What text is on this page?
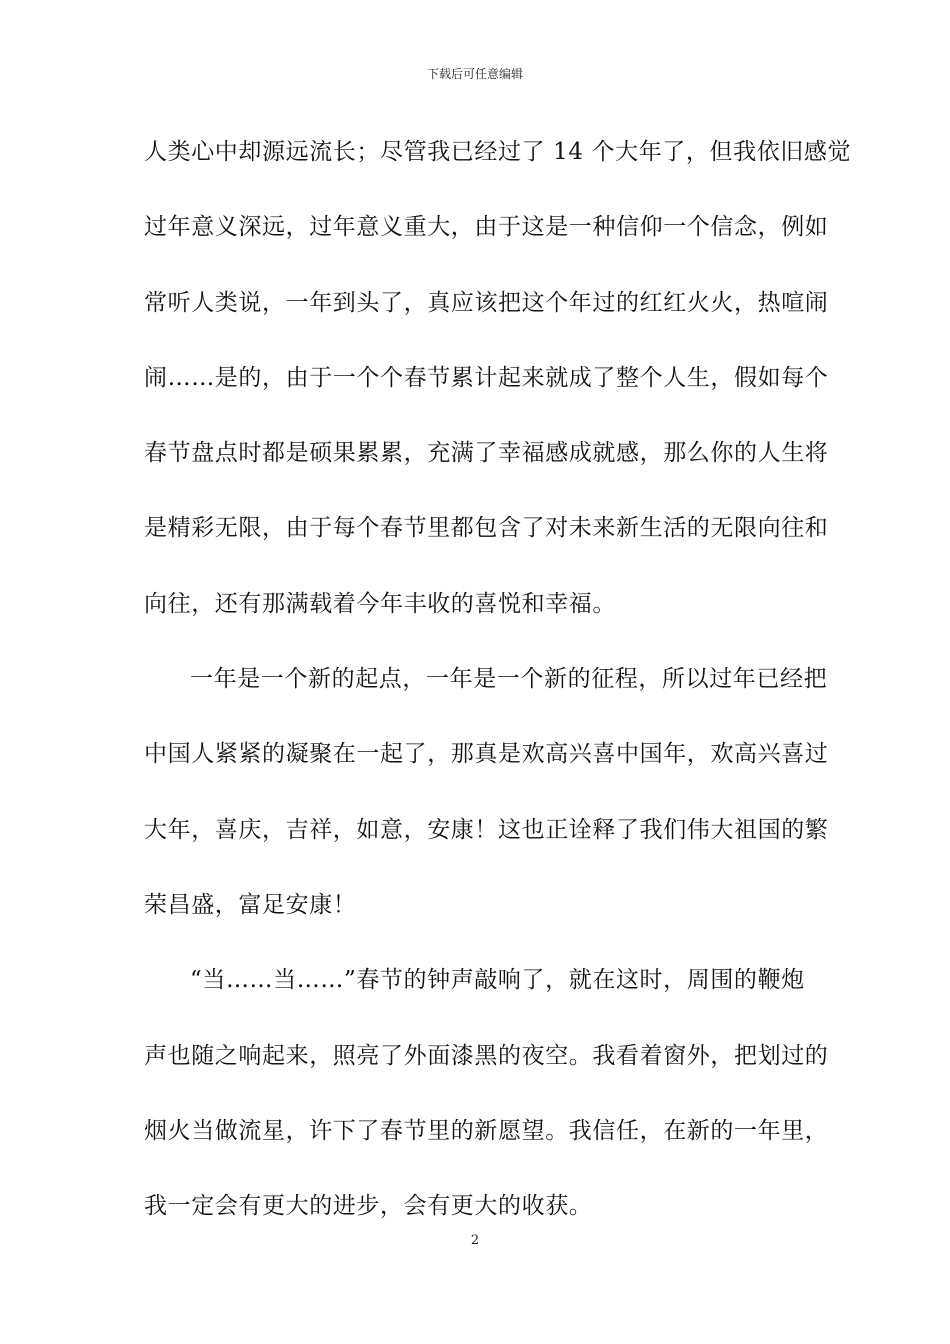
下载后可任意编辑
人类心中却源远流长；尽管我已经过了 14 个大年了，但我依旧感觉
过年意义深远，过年意义重大，由于这是一种信仰一个信念，例如
常听人类说，一年到头了，真应该把这个年过的红红火火，热喧闹
闹……是的，由于一个个春节累计起来就成了整个人生，假如每个
春节盘点时都是硕果累累，充满了幸福感成就感，那么你的人生将
是精彩无限，由于每个春节里都包含了对未来新生活的无限向往和
向往，还有那满载着今年丰收的喜悦和幸福。
一年是一个新的起点，一年是一个新的征程，所以过年已经把
中国人紧紧的凝聚在一起了，那真是欢高兴喜中国年，欢高兴喜过
大年，喜庆，吉祥，如意，安康！这也正诠释了我们伟大祖国的繁
荣昌盛，富足安康！
“当……当……”春节的钟声敲响了，就在这时，周围的鞭炮
声也随之响起来，照亮了外面漆黑的夜空。我看着窗外，把划过的
烟火当做流星，许下了春节里的新愿望。我信任，在新的一年里，
我一定会有更大的进步，会有更大的收获。
2
